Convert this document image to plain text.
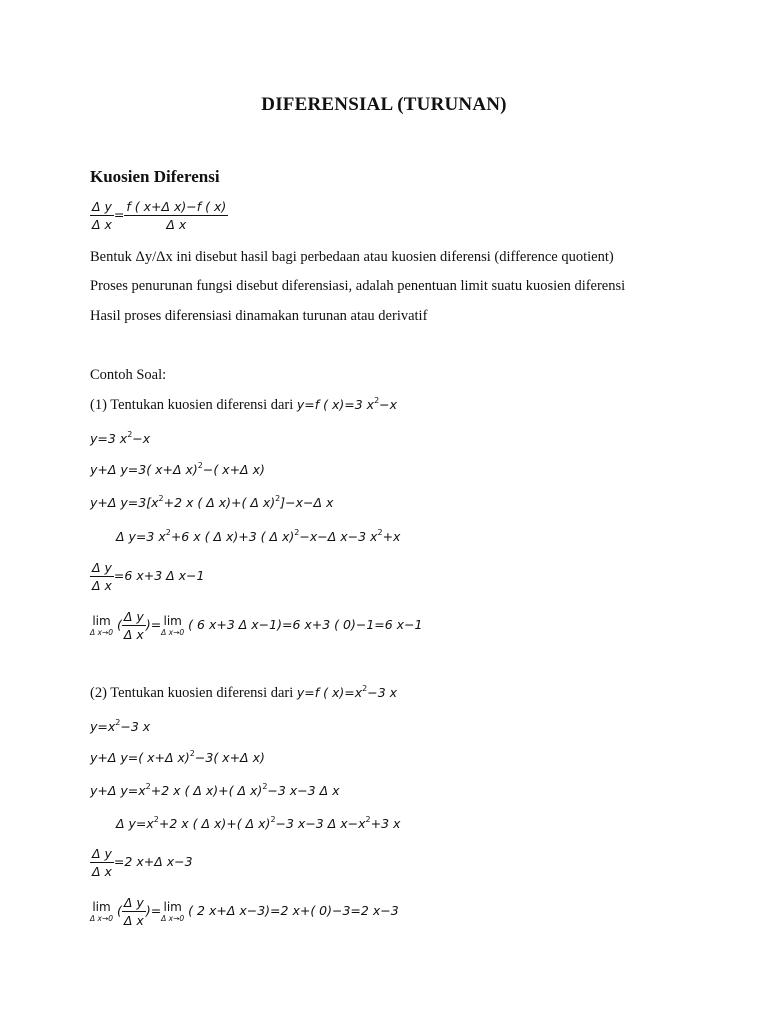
DIFERENSIAL (TURUNAN)
Kuosien Diferensi
$\frac{\text{Δ y}}{\text{Δ x}} = \frac{\text{f ( x+Δ x)−f ( x)}}{\text{Δ x}}$
Bentuk Δy/Δx ini disebut hasil bagi perbedaan atau kuosien diferensi (difference quotient)
Proses penurunan fungsi disebut diferensiasi, adalah penentuan limit suatu kuosien diferensi
Hasil proses diferensiasi dinamakan turunan atau derivatif
Contoh Soal:
(1) Tentukan kuosien diferensi dari y=f ( x)=3 $x^2-x$
y=3 $x^2-x$
y+Δ y=3( x+Δ x)$^2$−( x+Δ x)
y+Δ $y=3[x^2+2$ x ( Δ x)+( Δ x)$^2$]−x−Δ x
Δ y=3 $x^2+6$ x ( Δ x)+3 ( Δ x)$^2$−x−Δ x−3 $x^2+x$
$\frac{\text{Δ y}}{\text{Δ x}} =6$ x+3 Δ x−1
lim
Δ x→0 ( $\frac{\text{Δ y}}{\text{Δ x}}$ )= lim
Δ x→0 ( 6 x+3 Δ x−1)=6 x+3 ( 0)−1=6 x−1
(2) Tentukan kuosien diferensi dari y=f ( $x)=x^2-3$ x
$y=x^2-3$ x
y+Δ y=( x+Δ x)$^2$−3( x+Δ x)
y+Δ $y=x^2+2$ x ( Δ x)+( Δ x)$^2$−3 x−3 Δ x
Δ $y=x^2+2$ x ( Δ x)+( Δ x)$^2$−3 x−3 Δ $x-x^2+3$ x
$\frac{\text{Δ y}}{\text{Δ x}} =2$ x+Δ x−3
lim
Δ x→0 ( $\frac{\text{Δ y}}{\text{Δ x}}$ )= lim
Δ x→0 ( 2 x+Δ x−3)=2 x+( 0)−3=2 x−3
